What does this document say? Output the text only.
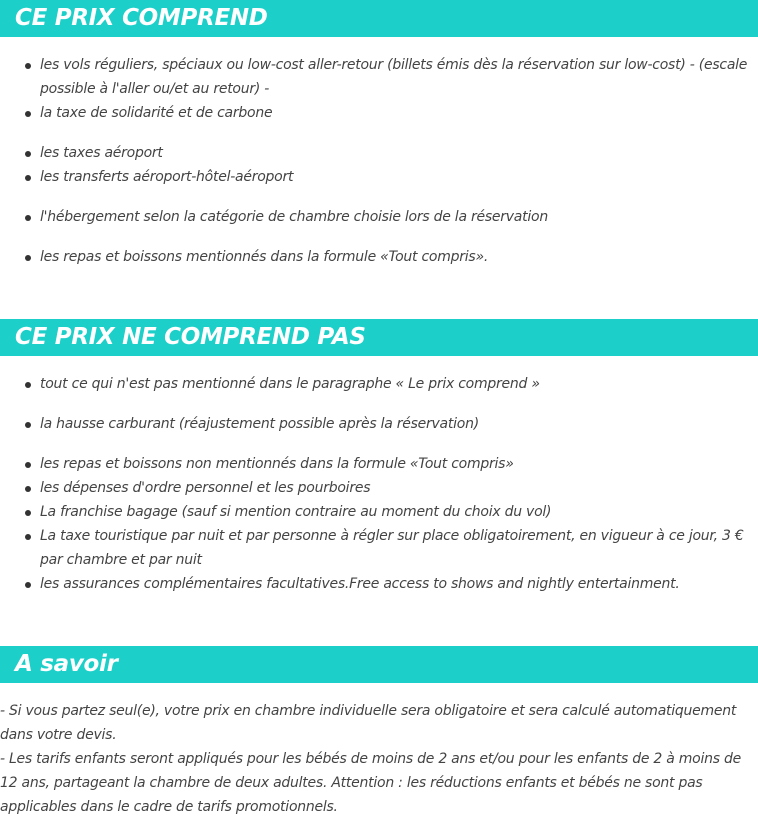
CE PRIX COMPREND
les vols réguliers, spéciaux ou low-cost aller-retour (billets émis dès la réservation sur low-cost) - (escale possible à l'aller ou/et au retour) -
la taxe de solidarité et de carbone
les taxes aéroport
les transferts aéroport-hôtel-aéroport
l'hébergement selon la catégorie de chambre choisie lors de la réservation
les repas et boissons mentionnés dans la formule «Tout compris».
CE PRIX NE COMPREND PAS
tout ce qui n'est pas mentionné dans le paragraphe « Le prix comprend »
la hausse carburant (réajustement possible après la réservation)
les repas et boissons non mentionnés dans la formule «Tout compris»
les dépenses d'ordre personnel et les pourboires
La franchise bagage (sauf si mention contraire au moment du choix du vol)
La taxe touristique par nuit et par personne à régler sur place obligatoirement, en vigueur à ce jour, 3 € par chambre et par nuit
les assurances complémentaires facultatives.Free access to shows and nightly entertainment.
A savoir

- Si vous partez seul(e), votre prix en chambre individuelle sera obligatoire et sera calculé automatiquement dans votre devis.

- Les tarifs enfants seront appliqués pour les bébés de moins de 2 ans et/ou pour les enfants de 2 à moins de 12 ans, partageant la chambre de deux adultes. Attention : les réductions enfants et bébés ne sont pas applicables dans le cadre de tarifs promotionnels.
